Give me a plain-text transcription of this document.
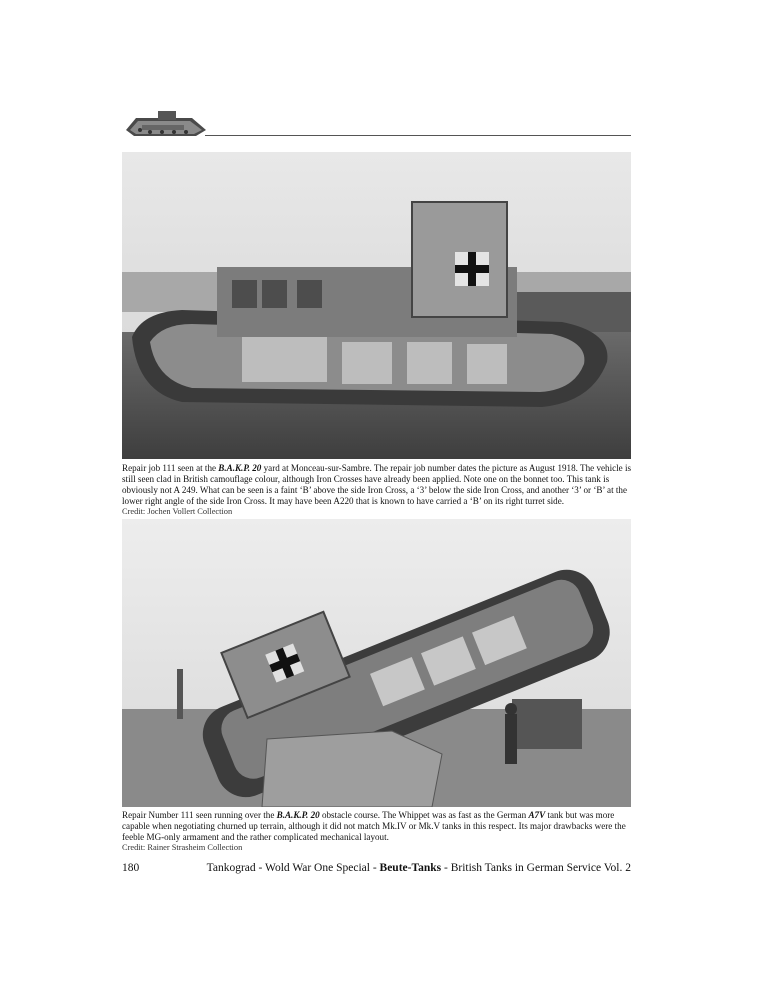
Repair job 111 seen at the B.A.K.P. 20 yard at Monceau-sur-Sambre. The repair job number dates the picture as August 1918. The vehicle is still seen clad in British camouflage colour, although Iron Crosses have already been applied. Note one on the bonnet too. This tank is obviously not A 249. What can be seen is a faint ‘B’ above the side Iron Cross, a ‘3’ below the side Iron Cross, and another ‘3’ or ‘B’ at the lower right angle of the side Iron Cross. It may have been A220 that is known to have carried a ‘B’ on its right turret side.

Credit: Jochen Vollert Collection

Repair Number 111 seen running over the B.A.K.P. 20 obstacle course. The Whippet was as fast as the German A7V tank but was more capable when negotiating churned up terrain, although it did not match Mk.IV or Mk.V tanks in this respect. Its major drawbacks were the feeble MG-only armament and the rather complicated mechanical layout.

Credit: Rainer Strasheim Collection

180	Tankograd - Wold War One Special - Beute-Tanks - British Tanks in German Service Vol. 2
